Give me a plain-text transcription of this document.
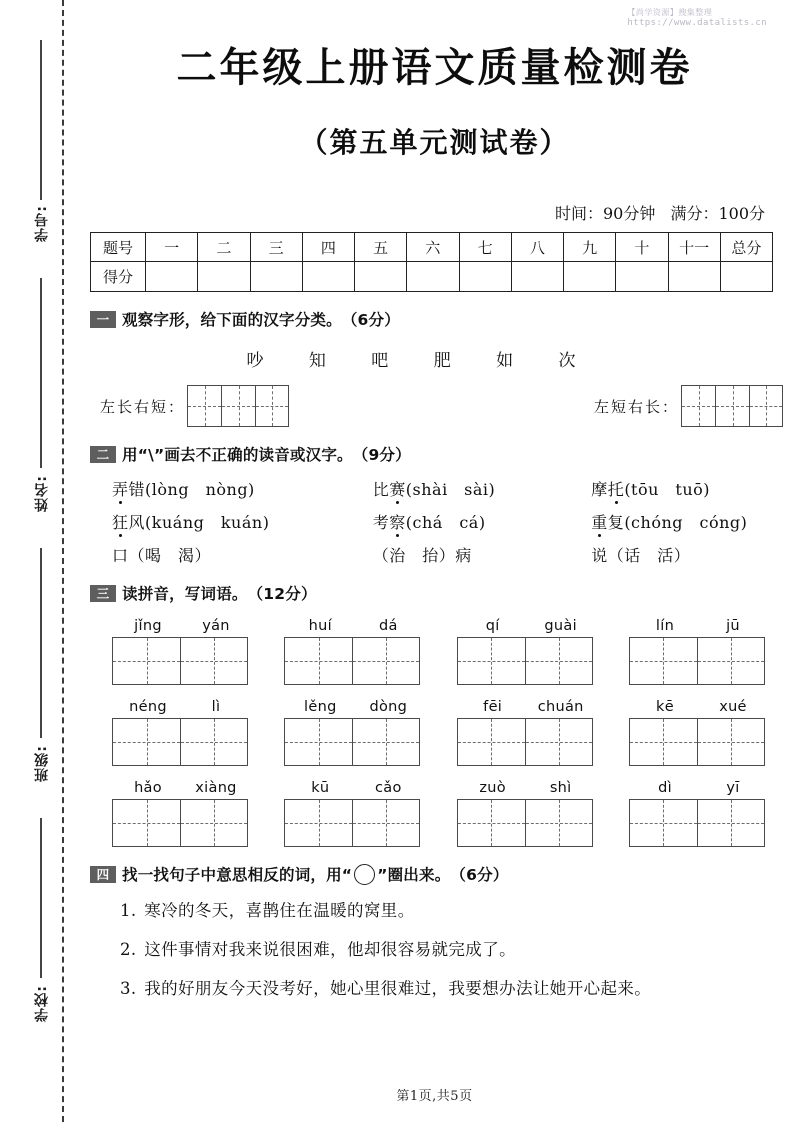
学号:
姓名:
班级:
学校:
【尚学资源】搜集整理
https://www.datalists.cn
二年级上册语文质量检测卷
（第五单元测试卷）
时间：90分钟 满分：100分
题号	一	二	三	四	五	六	七	八	九	十	十一	总分
得分												
一 观察字形，给下面的汉字分类。 （6分）
吵	知	吧	肥	如	次
左长右短：	左短右长：
二 用“\”画去不正确的读音或汉字。 （9分）
弄错(lòng　nòng)	比赛(shài　sài)	摩托(tōu　tuō)
狂风(kuáng　kuán)	考察(chá　cá)	重复(chóng　cóng)
口（喝　渴）	（治　抬）病	说（话　活）
三 读拼音，写词语。 （12分）
jǐng	yán	huí	dá	qí	guài	lín	jū
néng	lì	lěng	dòng	fēi	chuán	kē	xué
hǎo	xiàng	kū	cǎo	zuò	shì	dì	yī
四 找一找句子中意思相反的词，用“ ”圈出来。 （6分）
1. 寒冷的冬天，喜鹊住在温暖的窝里。
2. 这件事情对我来说很困难，他却很容易就完成了。
3. 我的好朋友今天没考好，她心里很难过，我要想办法让她开心起来。
第1页,共5页
